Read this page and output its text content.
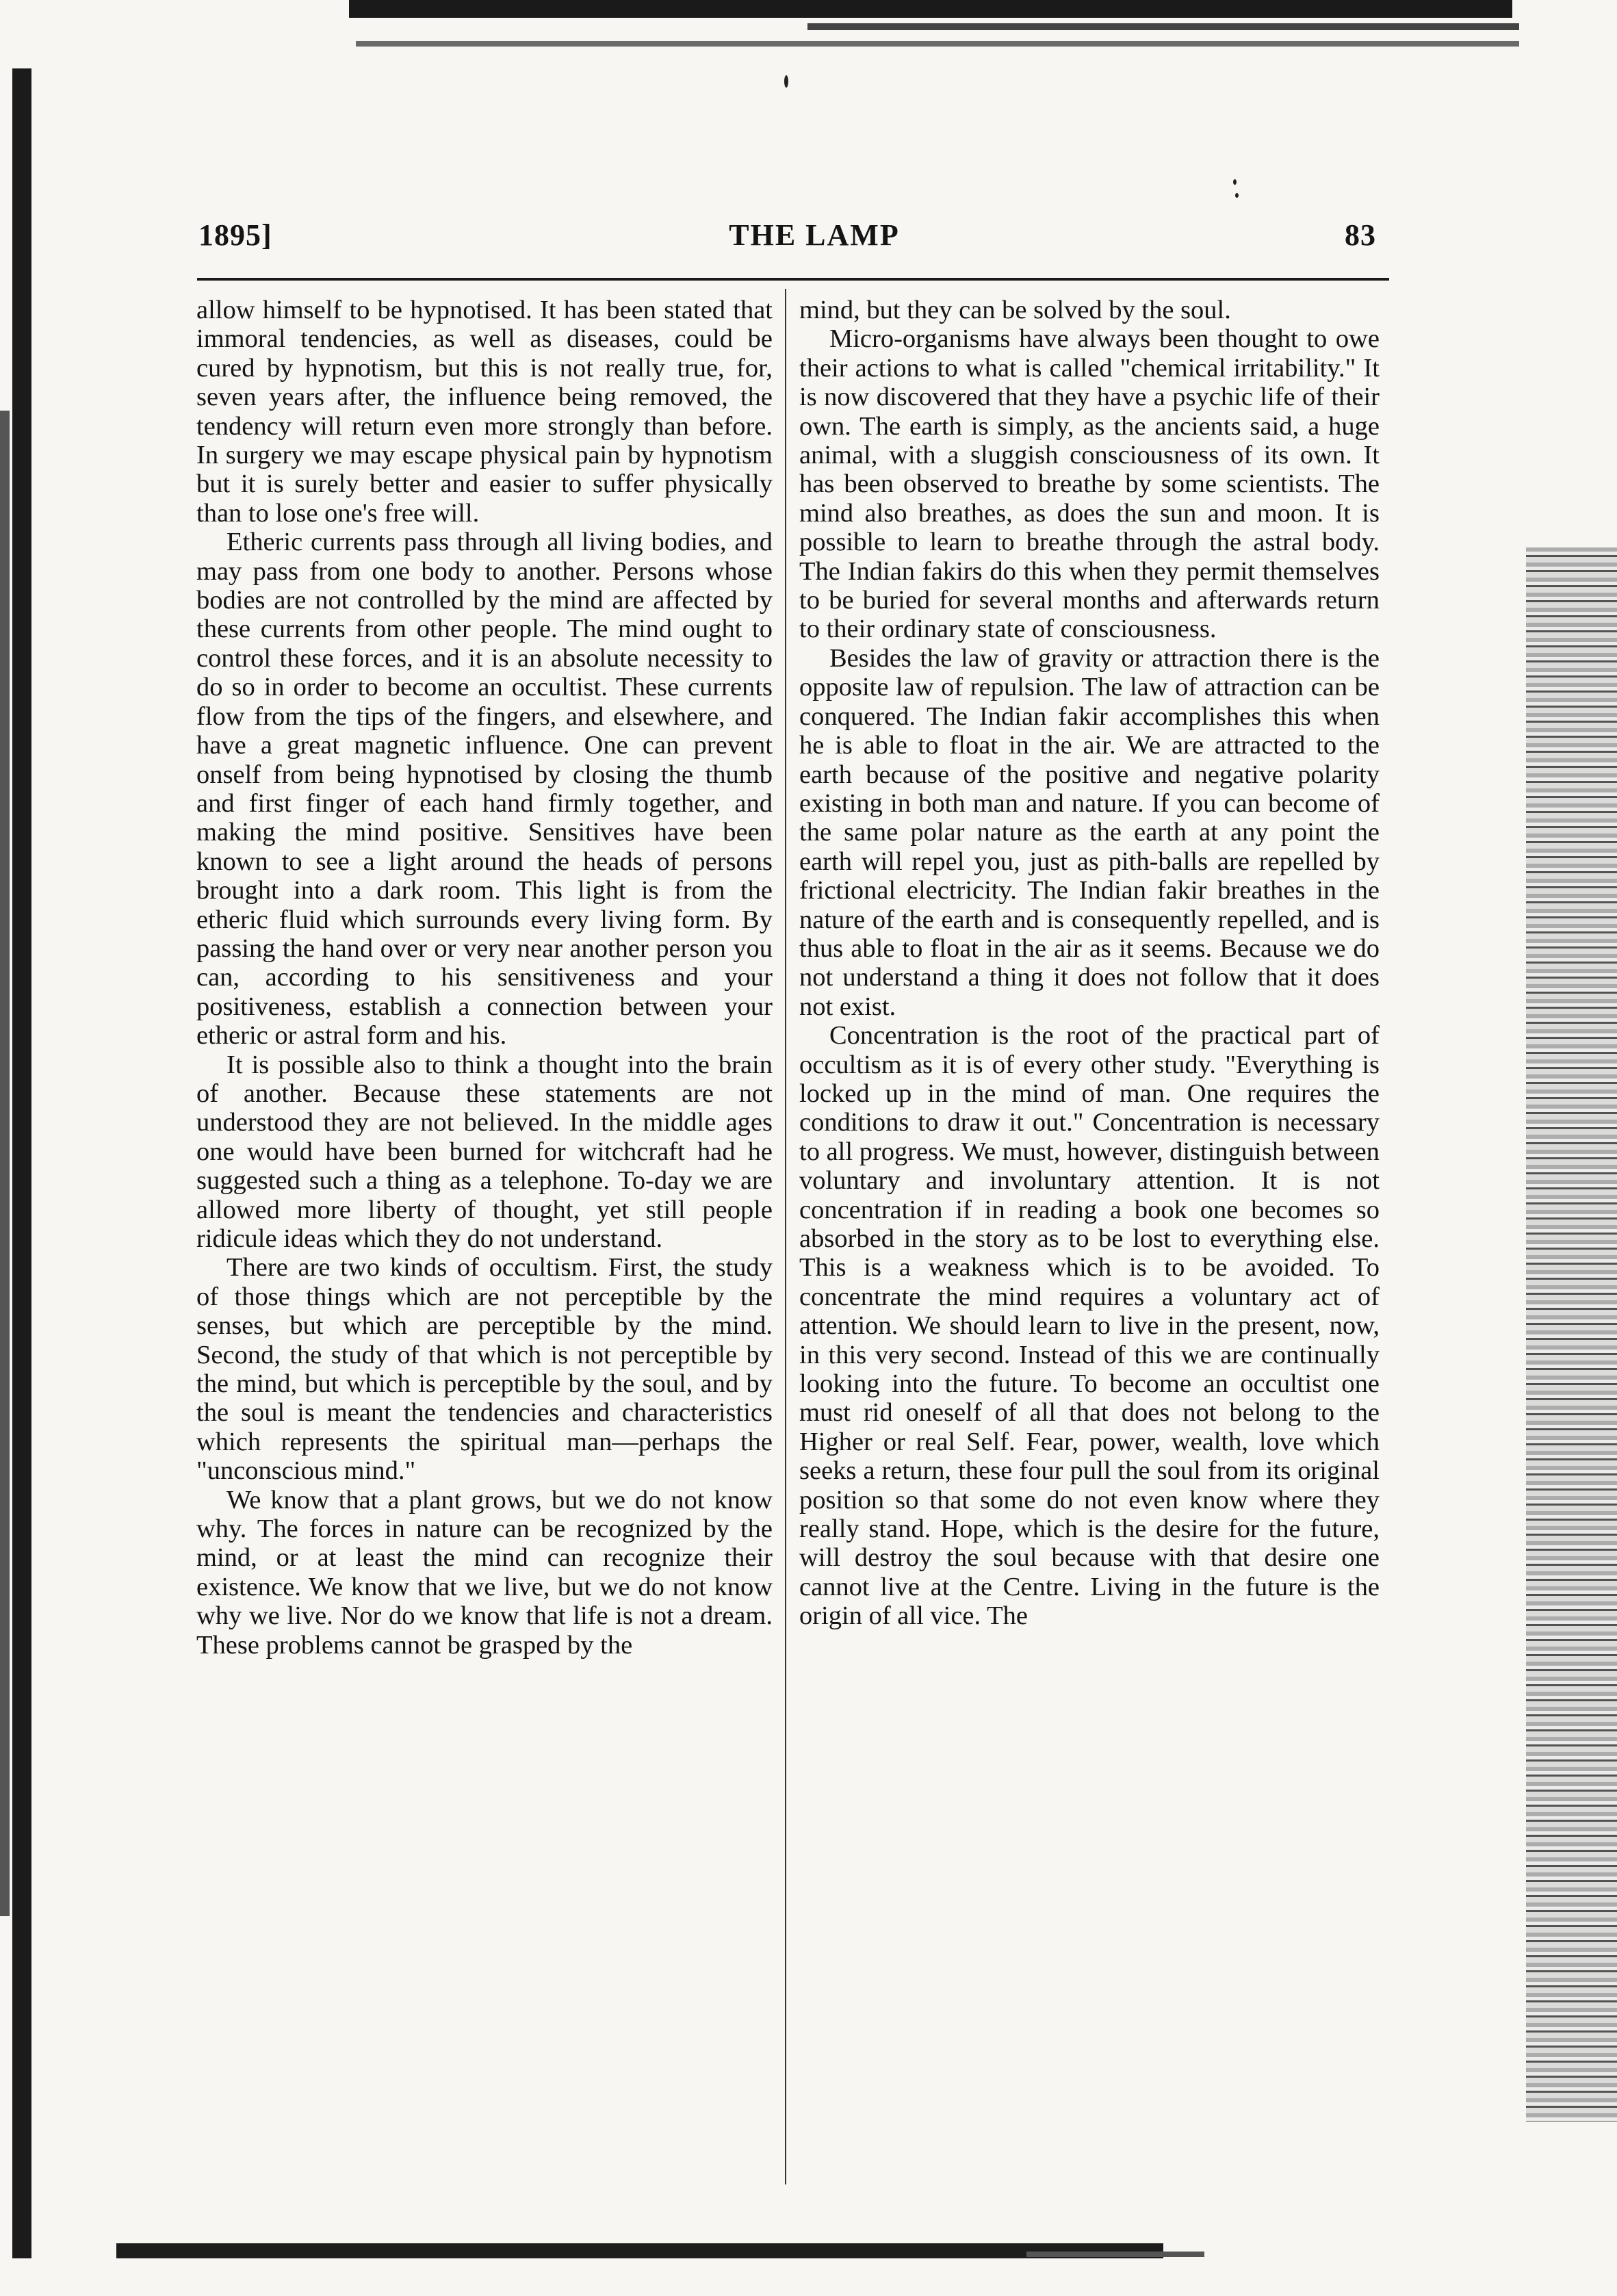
1895]	THE LAMP	83

allow himself to be hypnotised. It has been stated that immoral tendencies, as well as diseases, could be cured by hypnotism, but this is not really true, for, seven years after, the influence being removed, the tendency will return even more strongly than before. In surgery we may escape physical pain by hypnotism but it is surely better and easier to suffer physically than to lose one's free will.

Etheric currents pass through all living bodies, and may pass from one body to another. Persons whose bodies are not controlled by the mind are affected by these currents from other people. The mind ought to control these forces, and it is an absolute necessity to do so in order to become an occultist. These currents flow from the tips of the fingers, and elsewhere, and have a great magnetic influence. One can prevent onself from being hypnotised by closing the thumb and first finger of each hand firmly together, and making the mind positive. Sensitives have been known to see a light around the heads of persons brought into a dark room. This light is from the etheric fluid which surrounds every living form. By passing the hand over or very near another person you can, according to his sensitiveness and your positiveness, establish a connection between your etheric or astral form and his.

It is possible also to think a thought into the brain of another. Because these statements are not understood they are not believed. In the middle ages one would have been burned for witchcraft had he suggested such a thing as a telephone. To-day we are allowed more liberty of thought, yet still people ridicule ideas which they do not understand.

There are two kinds of occultism. First, the study of those things which are not perceptible by the senses, but which are perceptible by the mind. Second, the study of that which is not perceptible by the mind, but which is perceptible by the soul, and by the soul is meant the tendencies and characteristics which represents the spiritual man—perhaps the "unconscious mind."

We know that a plant grows, but we do not know why. The forces in nature can be recognized by the mind, or at least the mind can recognize their existence. We know that we live, but we do not know why we live. Nor do we know that life is not a dream. These problems cannot be grasped by the

mind, but they can be solved by the soul.

Micro-organisms have always been thought to owe their actions to what is called "chemical irritability." It is now discovered that they have a psychic life of their own. The earth is simply, as the ancients said, a huge animal, with a sluggish consciousness of its own. It has been observed to breathe by some scientists. The mind also breathes, as does the sun and moon. It is possible to learn to breathe through the astral body. The Indian fakirs do this when they permit themselves to be buried for several months and afterwards return to their ordinary state of consciousness.

Besides the law of gravity or attraction there is the opposite law of repulsion. The law of attraction can be conquered. The Indian fakir accomplishes this when he is able to float in the air. We are attracted to the earth because of the positive and negative polarity existing in both man and nature. If you can become of the same polar nature as the earth at any point the earth will repel you, just as pith-balls are repelled by frictional electricity. The Indian fakir breathes in the nature of the earth and is consequently repelled, and is thus able to float in the air as it seems. Because we do not understand a thing it does not follow that it does not exist.

Concentration is the root of the practical part of occultism as it is of every other study. "Everything is locked up in the mind of man. One requires the conditions to draw it out." Concentration is necessary to all progress. We must, however, distinguish between voluntary and involuntary attention. It is not concentration if in reading a book one becomes so absorbed in the story as to be lost to everything else. This is a weakness which is to be avoided. To concentrate the mind requires a voluntary act of attention. We should learn to live in the present, now, in this very second. Instead of this we are continually looking into the future. To become an occultist one must rid oneself of all that does not belong to the Higher or real Self. Fear, power, wealth, love which seeks a return, these four pull the soul from its original position so that some do not even know where they really stand. Hope, which is the desire for the future, will destroy the soul because with that desire one cannot live at the Centre. Living in the future is the origin of all vice. The
